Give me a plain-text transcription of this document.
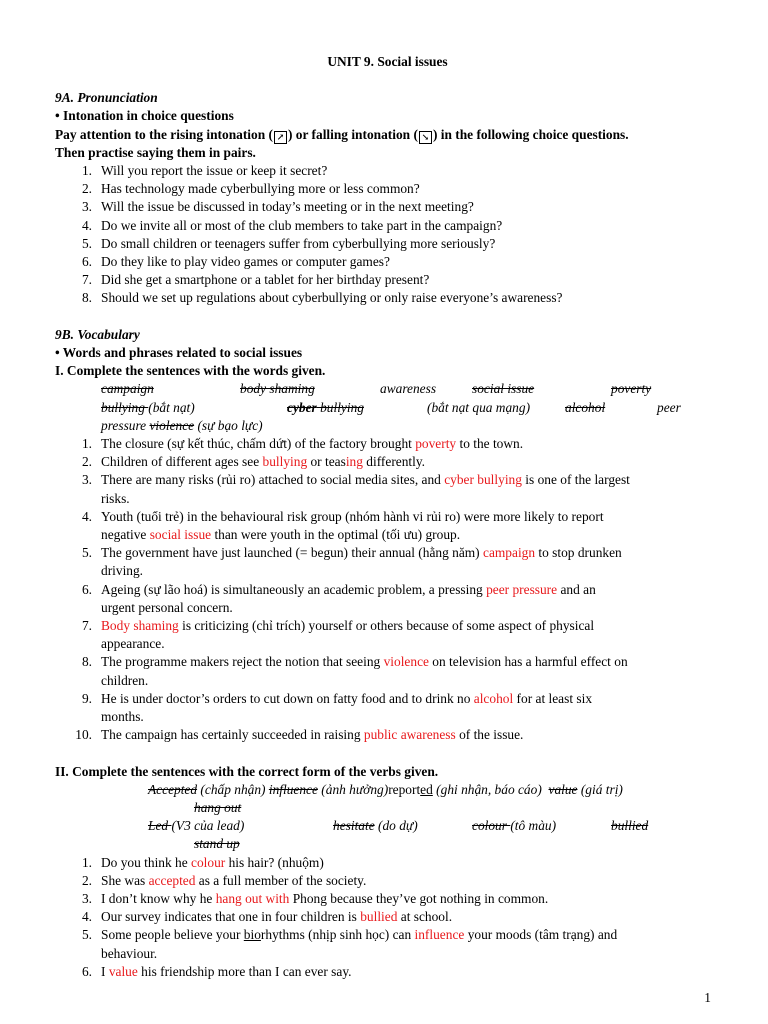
UNIT 9. Social issues
9A. Pronunciation
• Intonation in choice questions
Pay attention to the rising intonation ( ↗ ) or falling intonation ( ↘ ) in the following choice questions.
Then practise saying them in pairs.
1. Will you report the issue or keep it secret?
2. Has technology made cyberbullying more or less common?
3. Will the issue be discussed in today’s meeting or in the next meeting?
4. Do we invite all or most of the club members to take part in the campaign?
5. Do small children or teenagers suffer from cyberbullying more seriously?
6. Do they like to play video games or computer games?
7. Did she get a smartphone or a tablet for her birthday present?
8. Should we set up regulations about cyberbullying or only raise everyone’s awareness?
9B. Vocabulary
• Words and phrases related to social issues
I. Complete the sentences with the words given.
campaign	body shaming	awareness	social issue	poverty
bullying (bắt nạt)	cyber bullying	(bắt nạt qua mạng)	alcohol	peer
pressure violence (sự bạo lực)
1. The closure (sự kết thúc, chấm dứt) of the factory brought poverty to the town.
2. Children of different ages see bullying or teasing differently.
3. There are many risks (rủi ro) attached to social media sites, and cyber bullying is one of the largest
risks.
4. Youth (tuổi trẻ) in the behavioural risk group (nhóm hành vi rủi ro) were more likely to report
negative social issue than were youth in the optimal (tối ưu) group.
5. The government have just launched (= begun) their annual (hằng năm) campaign to stop drunken
driving.
6. Ageing (sự lão hoá) is simultaneously an academic problem, a pressing peer pressure and an
urgent personal concern.
7. Body shaming is criticizing (chỉ trích) yourself or others because of some aspect of physical
appearance.
8. The programme makers reject the notion that seeing violence on television has a harmful effect on
children.
9. He is under doctor’s orders to cut down on fatty food and to drink no alcohol for at least six
months.
10. The campaign has certainly succeeded in raising public awareness of the issue.
II. Complete the sentences with the correct form of the verbs given.
Accepted (chấp nhận) influence (ảnh hưởng)reported (ghi nhận, báo cáo) value (giá trị)
hang out
Led (V3 của lead)	hesitate (do dự)	colour (tô màu)	bullied
stand up
1. Do you think he colour his hair? (nhuộm)
2. She was accepted as a full member of the society.
3. I don’t know why he hang out with Phong because they’ve got nothing in common.
4. Our survey indicates that one in four children is bullied at school.
5. Some people believe your biorhythms (nhịp sinh học) can influence your moods (tâm trạng) and
behaviour.
6. I value his friendship more than I can ever say.
1
